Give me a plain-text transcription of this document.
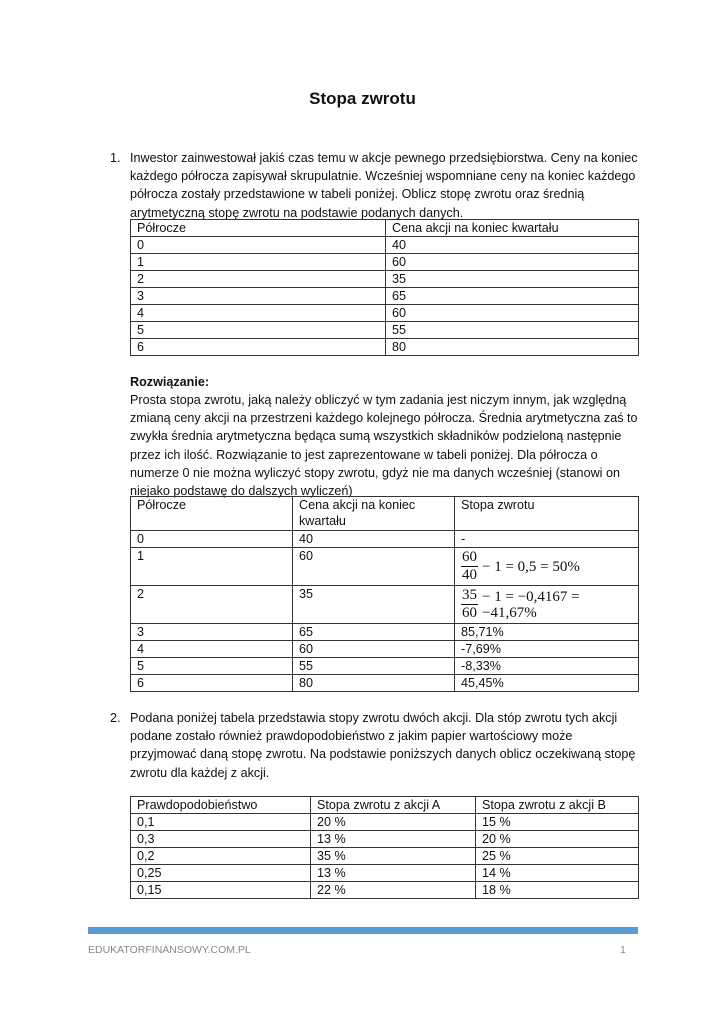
Stopa zwrotu
1. Inwestor zainwestował jakiś czas temu w akcje pewnego przedsiębiorstwa. Ceny na koniec każdego półrocza zapisywał skrupulatnie. Wcześniej wspomniane ceny na koniec każdego półrocza zostały przedstawione w tabeli poniżej. Oblicz stopę zwrotu oraz średnią arytmetyczną stopę zwrotu na podstawie podanych danych.
Półrocze	Cena akcji na koniec kwartału
0	40
1	60
2	35
3	65
4	60
5	55
6	80
Rozwiązanie:
Prosta stopa zwrotu, jaką należy obliczyć w tym zadania jest niczym innym, jak względną zmianą ceny akcji na przestrzeni każdego kolejnego półrocza. Średnia arytmetyczna zaś to zwykła średnia arytmetyczna będąca sumą wszystkich składników podzieloną następnie przez ich ilość. Rozwiązanie to jest zaprezentowane w tabeli poniżej. Dla półrocza o numerze 0 nie można wyliczyć stopy zwrotu, gdyż nie ma danych wcześniej (stanowi on niejako podstawę do dalszych wyliczeń)
Półrocze	Cena akcji na koniec kwartału	Stopa zwrotu
0	40	-
1	60	$\frac{60}{40} - 1 = 0,5 = 50\%$

2	35	$\frac{35}{60} - 1 = -0,4167 = -41,67\%$

3	65	85,71%
4	60	-7,69%
5	55	-8,33%
6	80	45,45%
2. Podana poniżej tabela przedstawia stopy zwrotu dwóch akcji. Dla stóp zwrotu tych akcji podane zostało również prawdopodobieństwo z jakim papier wartościowy może przyjmować daną stopę zwrotu. Na podstawie poniższych danych oblicz oczekiwaną stopę zwrotu dla każdej z akcji.
Prawdopodobieństwo	Stopa zwrotu z akcji A	Stopa zwrotu z akcji B
0,1	20 %	15 %
0,3	13 %	20 %
0,2	35 %	25 %
0,25	13 %	14 %
0,15	22 %	18 %
EDUKATORFINANSOWY.COM.PL	1
